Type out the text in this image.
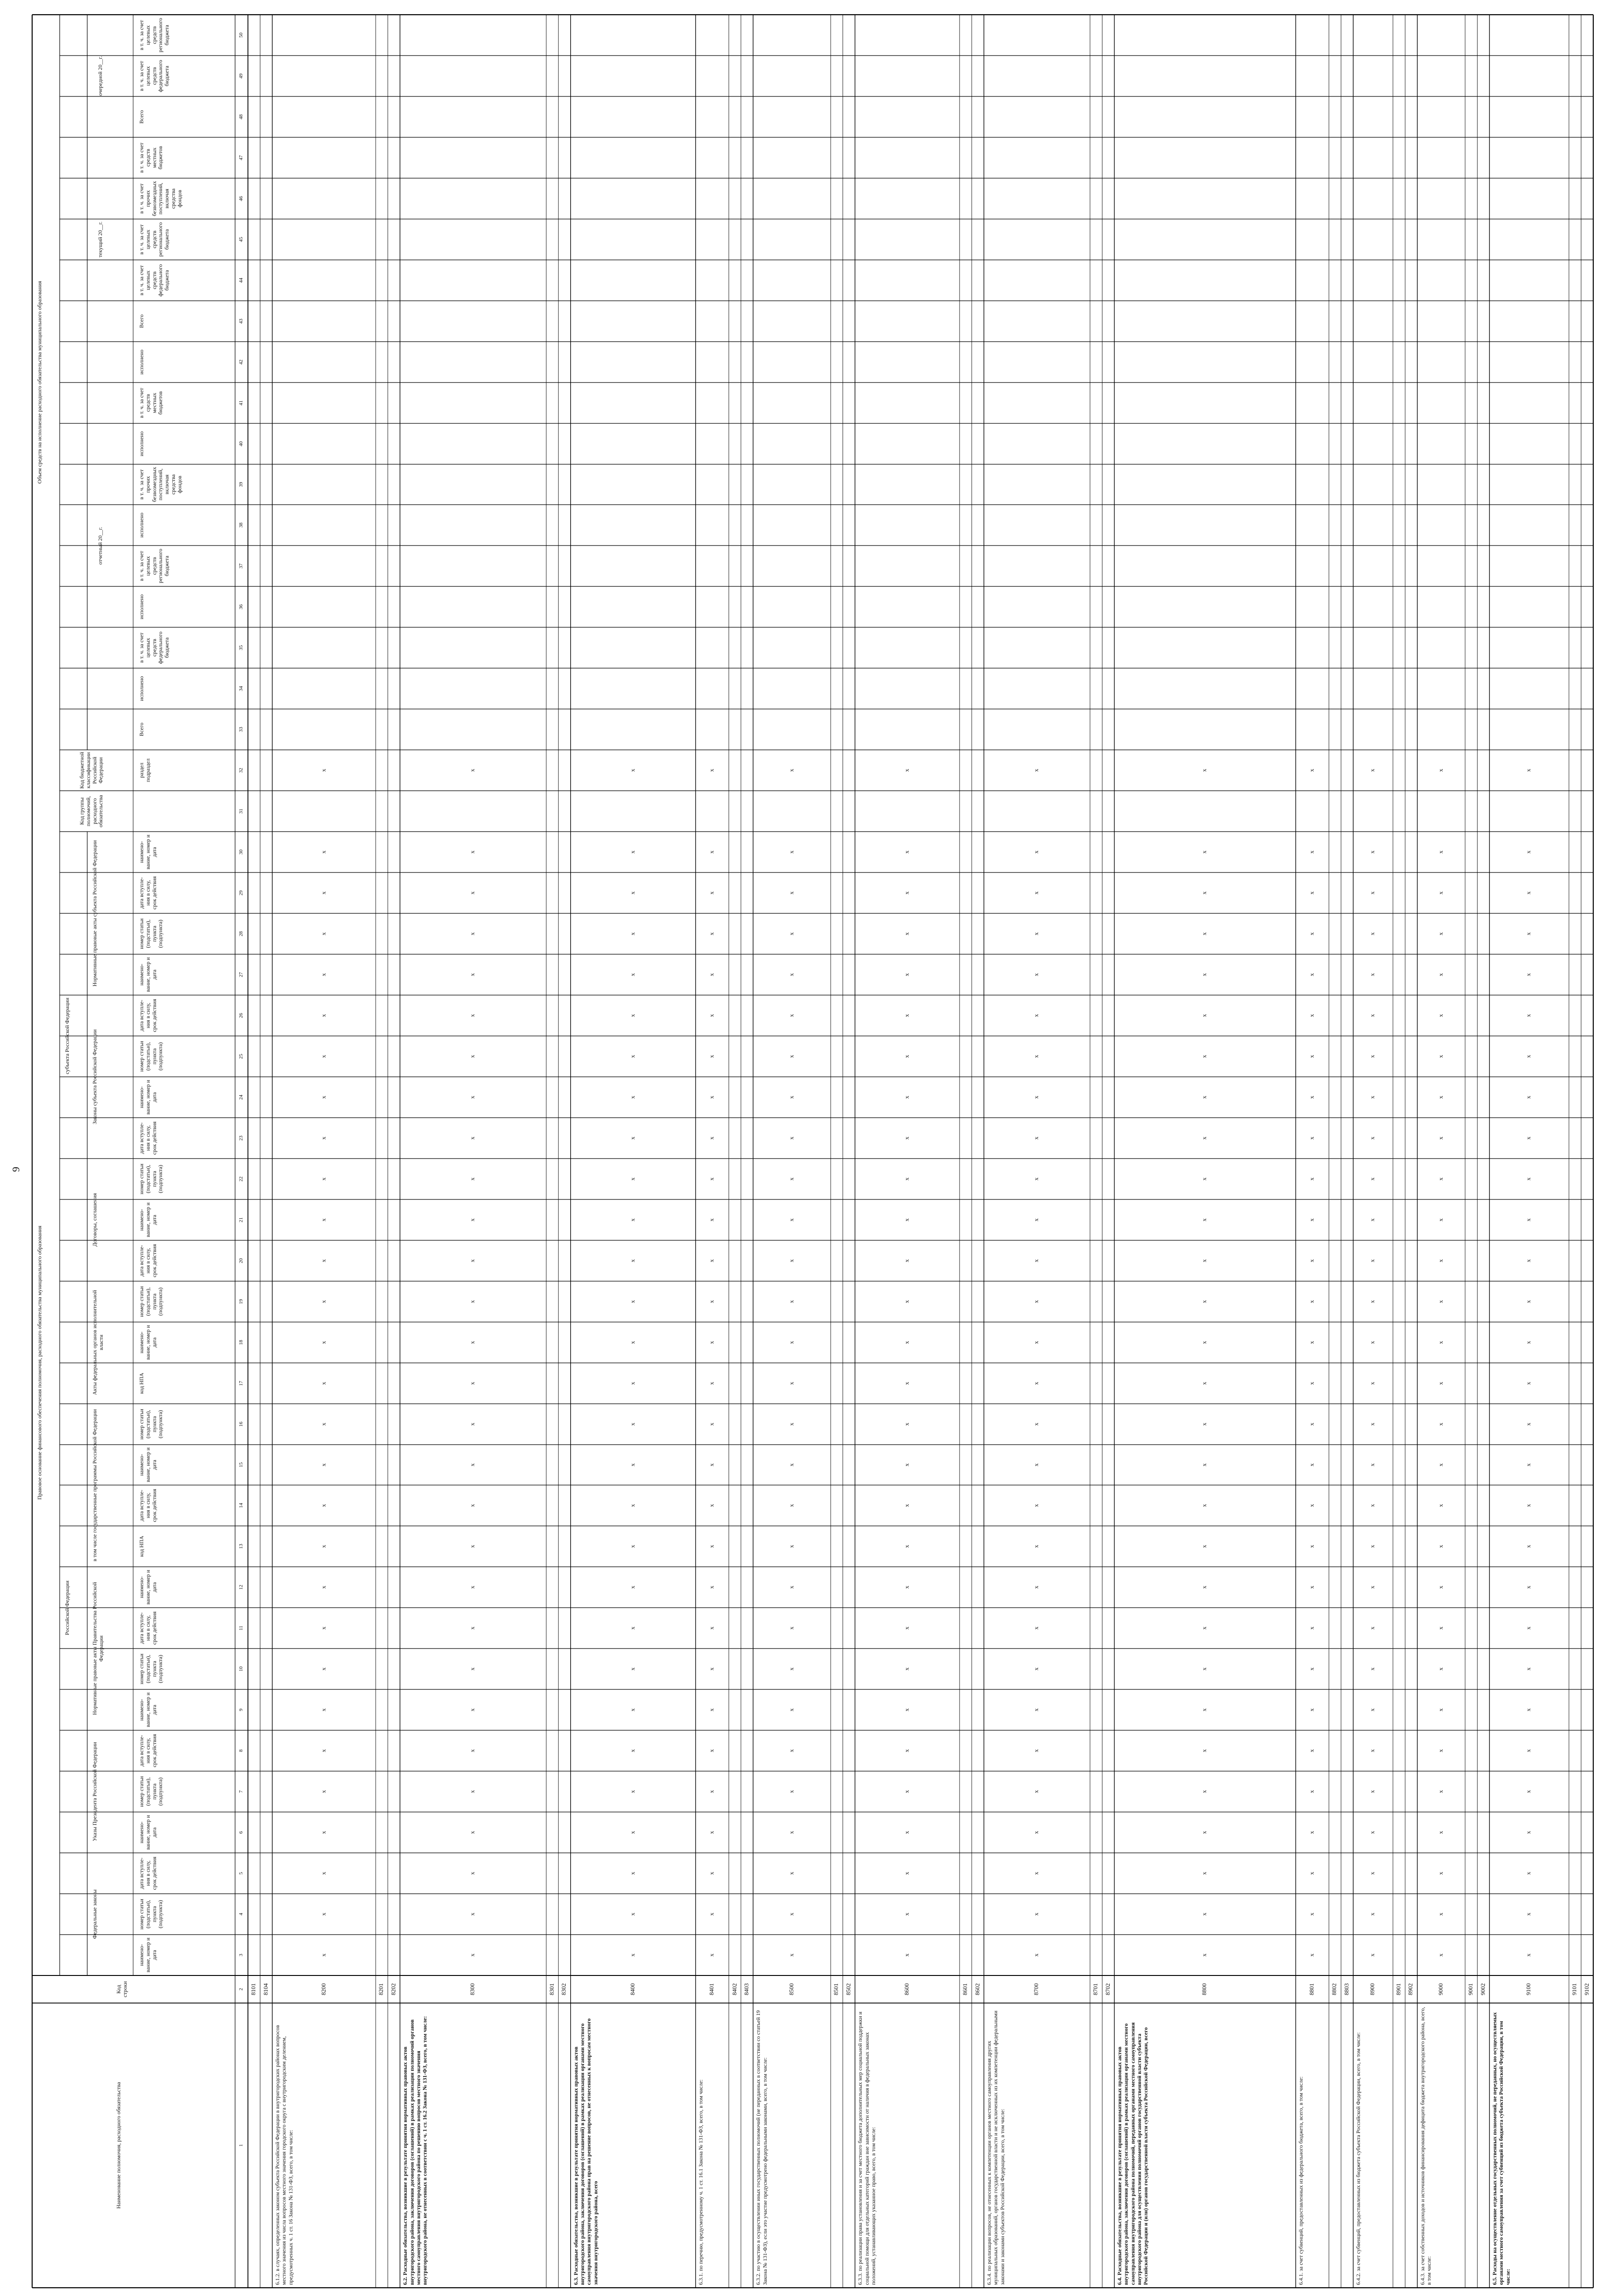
9
Наименование полномочия, расходного обязательства
Код строки
Правовое основание финансового обеспечения полномочия, расходного обязательства муниципального образования
Объем средств на исполнение расходного обязательства муниципального образования
Российской Федерации
субъекта Российской Федерации
Федеральные законы
Указы Президента Российской Федерации
Нормативные правовые акты Правительства Российской Федерации
в том числе государственные программы Российской Федерации
Акты федеральных органов исполнительной власти
Договоры, соглашения
Законы субъекта Российской Федерации
Нормативные правовые акты субъекта Российской Федерации
Код группы полномочий, расходного обязательства
Код бюджетной классификации Российской Федерации
отчетный 20__г.
текущий 20__г.
очередной 20__г.
наимено- вание, номер и дата
номер статьи (подстатьи), пункта (подпункта)
дата вступле- ния в силу, срок действия
наимено- вание, номер и дата
номер статьи (подстатьи), пункта (подпункта)
дата вступле- ния в силу, срок действия
наимено- вание, номер и дата
номер статьи (подстатьи), пункта (подпункта)
дата вступле- ния в силу, срок действия
наимено- вание, номер и дата
код НПА
дата вступле- ния в силу, срок действия
наимено- вание, номер и дата
номер статьи (подстатьи), пункта (подпункта)
код НПА
наимено- вание, номер и дата
номер статьи (подстатьи), пункта (подпункта)
дата вступле- ния в силу, срок действия
наимено- вание, номер и дата
номер статьи (подстатьи), пункта (подпункта)
дата вступле- ния в силу, срок действия
наимено- вание, номер и дата
номер статьи (подстатьи), пункта (подпункта)
дата вступле- ния в силу, срок действия
наимено- вание, номер и дата
номер статьи (подстатьи), пункта (подпункта)
дата вступле- ния в силу, срок действия
наимено- вание, номер и дата
раздел подраздел
Всего
исполнено
в т. ч. за счет целевых средств федерального бюджета
исполнено
в т. ч. за счет целевых средств регионального бюджета
исполнено
в т. ч. за счет прочих безвозмездных поступлений, включая средства фондов
исполнено
в т. ч. за счет средств местных бюджетов
исполнено
Всего
в т. ч. за счет целевых средств федерального бюджета
в т. ч. за счет целевых средств регионального бюджета
в т. ч. за счет прочих безвозмездных поступлений, включая средства фондов
в т. ч. за счет средств местных бюджетов
Всего
в т. ч. за счет целевых средств федерального бюджета
в т. ч. за счет целевых средств регионального бюджета
1
2
3
4
5
6
7
8
9
10
11
12
13
14
15
16
17
18
19
20
21
22
23
24
25
26
27
28
29
30
31
32
33
34
35
36
37
38
39
40
41
42
43
44
45
46
47
48
49
50
8101 8104
6.1.2. в случаях, определенных законом субъекта Российской Федерации в внутригородских районах вопросов местного значения из числа вопросов местного значения городского округа с внутригородским делением, предусмотренных ч. 1 ст. 16 Закона № 131-ФЗ, всего, в том числе:
8200
x
x
x
x
x
x
x
x
x
x
x
x
x
x
x
x
x
x
x
x
x
x
x
x
x
x
x
x
x
8201 8202
6.2. Расходные обязательства, возникшие в результате принятия нормативных правовых актов внутригородского района, заключения договоров (соглашений) в рамках реализации полномочий органов местного самоуправления внутригородского района по решению вопросов местного значения внутригородского района, не отнесенных в соответствии с ч. 1 ст. 16.2 Закона № 131-ФЗ, всего, в том числе:
8300
x
x
x
x
x
x
x
x
x
x
x
x
x
x
x
x
x
x
x
x
x
x
x
x
x
x
x
x
x
8301 8302
6.3. Расходные обязательства, возникшие в результате принятия нормативных правовых актов внутригородского района, заключения договоров (соглашений) в рамках реализации органами местного самоуправления внутригородского района прав на решение вопросов, не отнесенных к вопросам местного значения внутригородского района, всего
8400
x
x
x
x
x
x
x
x
x
x
x
x
x
x
x
x
x
x
x
x
x
x
x
x
x
x
x
x
x
6.3.1. по перечню, предусмотренному ч. 1 ст. 16.1 Закона № 131-ФЗ, всего, в том числе:
8401
x
x
x
x
x
x
x
x
x
x
x
x
x
x
x
x
x
x
x
x
x
x
x
x
x
x
x
x
x
8402 8403
6.3.2. по участию в осуществлении иных государственных полномочий (не переданных в соответствии со статьей 19 Закона № 131-ФЗ), если это участие предусмотрено федеральными законами, всего, в том числе:
8500
x
x
x
x
x
x
x
x
x
x
x
x
x
x
x
x
x
x
x
x
x
x
x
x
x
x
x
x
x
8501 8502
6.3.3. по реализации права установления и за счет местного бюджета дополнительных мер социальной поддержки и социальной помощи для отдельных категорий граждан вне зависимости от наличия в федеральных законах положений, устанавливающих указанное право, всего, в том числе:
8600
x
x
x
x
x
x
x
x
x
x
x
x
x
x
x
x
x
x
x
x
x
x
x
x
x
x
x
x
x
8601 8602
6.3.4. по реализации вопросов, не отнесенных к компетенции органов местного самоуправления других муниципальных образований, органов государственной власти и не исключенных из их компетенции федеральными законами и законами субъектов Российской Федерации, всего, в том числе:
8700
x
x
x
x
x
x
x
x
x
x
x
x
x
x
x
x
x
x
x
x
x
x
x
x
x
x
x
x
x
8701 8702
6.4. Расходные обязательства, возникшие в результате принятия нормативных правовых актов внутригородского района, заключения договоров (соглашений) в рамках реализации органами местного самоуправления внутригородского района полномочий, переданных органами местного самоуправления внутригородского района для осуществления полномочий органов государственной власти субъекта Российской Федерации и (или) органов государственной власти субъекта Российской Федерации, всего
8800
x
x
x
x
x
x
x
x
x
x
x
x
x
x
x
x
x
x
x
x
x
x
x
x
x
x
x
x
x
6.4.1. за счет субвенций, предоставленных из федерального бюджета, всего, в том числе:
8801
x
x
x
x
x
x
x
x
x
x
x
x
x
x
x
x
x
x
x
x
x
x
x
x
x
x
x
x
x
8802 8803
6.4.2. за счет субвенций, предоставленных из бюджета субъекта Российской Федерации, всего, в том числе:
8900
x
x
x
x
x
x
x
x
x
x
x
x
x
x
x
x
x
x
x
x
x
x
x
x
x
x
x
x
x
8901 8902
6.4.3. за счет собственных доходов и источников финансирования дефицита бюджета внутригородского района, всего, в том числе:
9000
x
x
x
x
x
x
x
x
x
x
x
x
x
x
x
x
x
x
x
x
x
x
x
x
x
x
x
x
x
9001 9002
6.5. Расходы на осуществление отдельных государственных полномочий, не переданных, но осуществляемых органами местного самоуправления за счет субвенций из бюджета субъекта Российской Федерации, в том числе:
9100
x
x
x
x
x
x
x
x
x
x
x
x
x
x
x
x
x
x
x
x
x
x
x
x
x
x
x
x
x
9101 9102
